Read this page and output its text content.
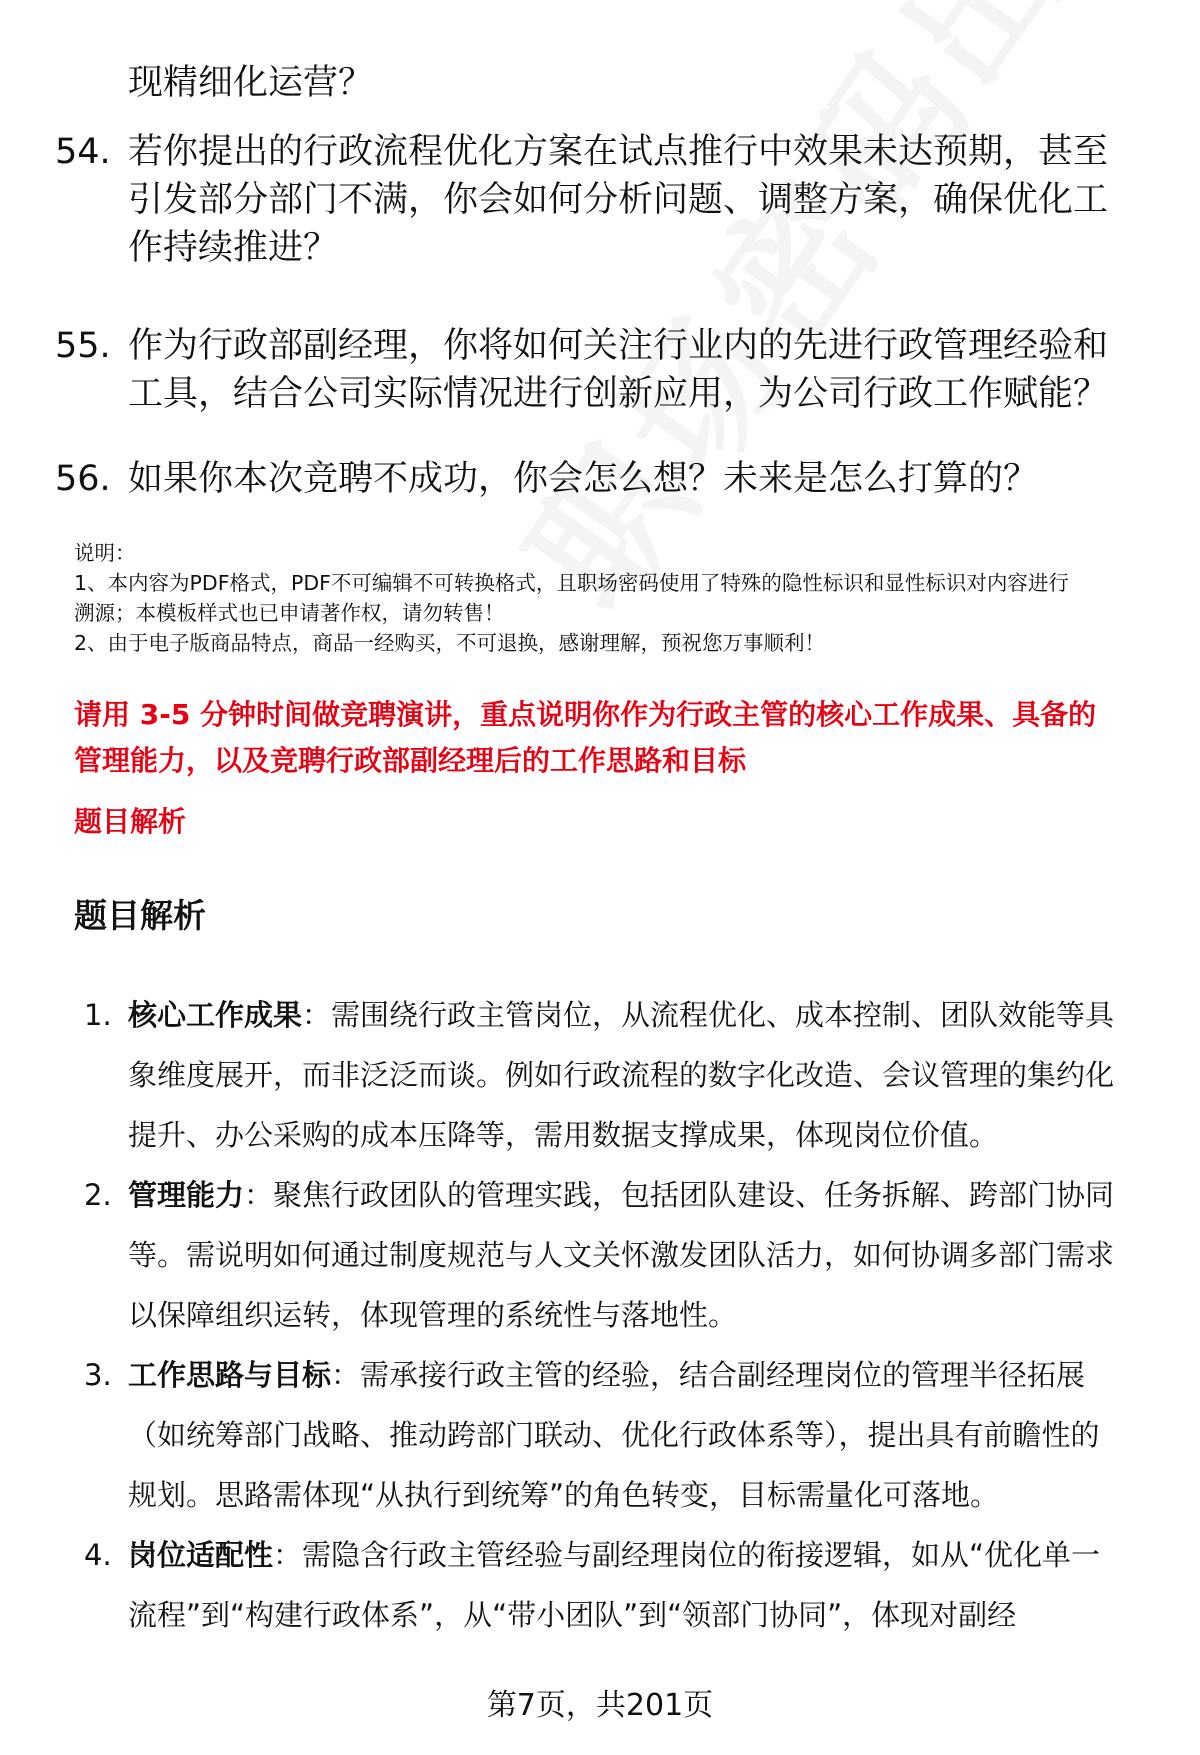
现精细化运营？
54. 若你提出的行政流程优化方案在试点推行中效果未达预期，甚至
引发部分部门不满，你会如何分析问题、调整方案，确保优化工
作持续推进？
55. 作为行政部副经理，你将如何关注行业内的先进行政管理经验和
工具，结合公司实际情况进行创新应用，为公司行政工作赋能？
56. 如果你本次竞聘不成功，你会怎么想？未来是怎么打算的？
说明：
1、本内容为PDF格式，PDF不可编辑不可转换格式，且职场密码使用了特殊的隐性标识和显性标识对内容进行
溯源；本模板样式也已申请著作权，请勿转售！
2、由于电子版商品特点，商品一经购买，不可退换，感谢理解，预祝您万事顺利！
请用 3-5 分钟时间做竞聘演讲，重点说明你作为行政主管的核心工作成果、具备的
管理能力，以及竞聘行政部副经理后的工作思路和目标
题目解析
题目解析
1. 核心工作成果：需围绕行政主管岗位，从流程优化、成本控制、团队效能等具
象维度展开，而非泛泛而谈。例如行政流程的数字化改造、会议管理的集约化
提升、办公采购的成本压降等，需用数据支撑成果，体现岗位价值。
2. 管理能力：聚焦行政团队的管理实践，包括团队建设、任务拆解、跨部门协同
等。需说明如何通过制度规范与人文关怀激发团队活力，如何协调多部门需求
以保障组织运转，体现管理的系统性与落地性。
3. 工作思路与目标：需承接行政主管的经验，结合副经理岗位的管理半径拓展
（如统筹部门战略、推动跨部门联动、优化行政体系等），提出具有前瞻性的
规划。思路需体现“从执行到统筹”的角色转变，目标需量化可落地。
4. 岗位适配性：需隐含行政主管经验与副经理岗位的衔接逻辑，如从“优化单一
流程”到“构建行政体系”，从“带小团队”到“领部门协同”，体现对副经
第7页，共201页
